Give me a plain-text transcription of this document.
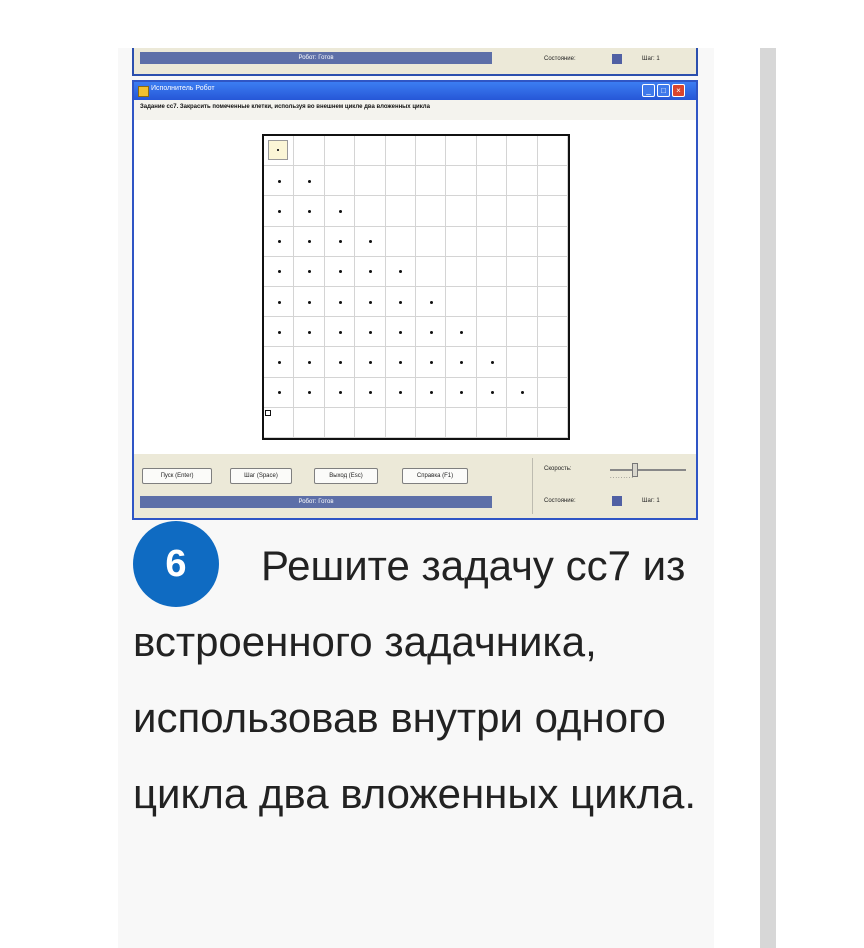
Робот: Готов	Состояние:	Шаг: 1
Исполнитель Робот	_	□	×
Задание сс7. Закрасить помеченные клетки, используя во внешнем цикле два вложенных цикла
Пуск (Enter)	Шаг (Space)	Выход (Esc)	Справка (F1)
Скорость:
.........
Робот: Готов	Состояние:	Шаг: 1
6	Решите задачу сс7 из встроенного задачника, использовав внутри одного цикла два вложенных цикла.
